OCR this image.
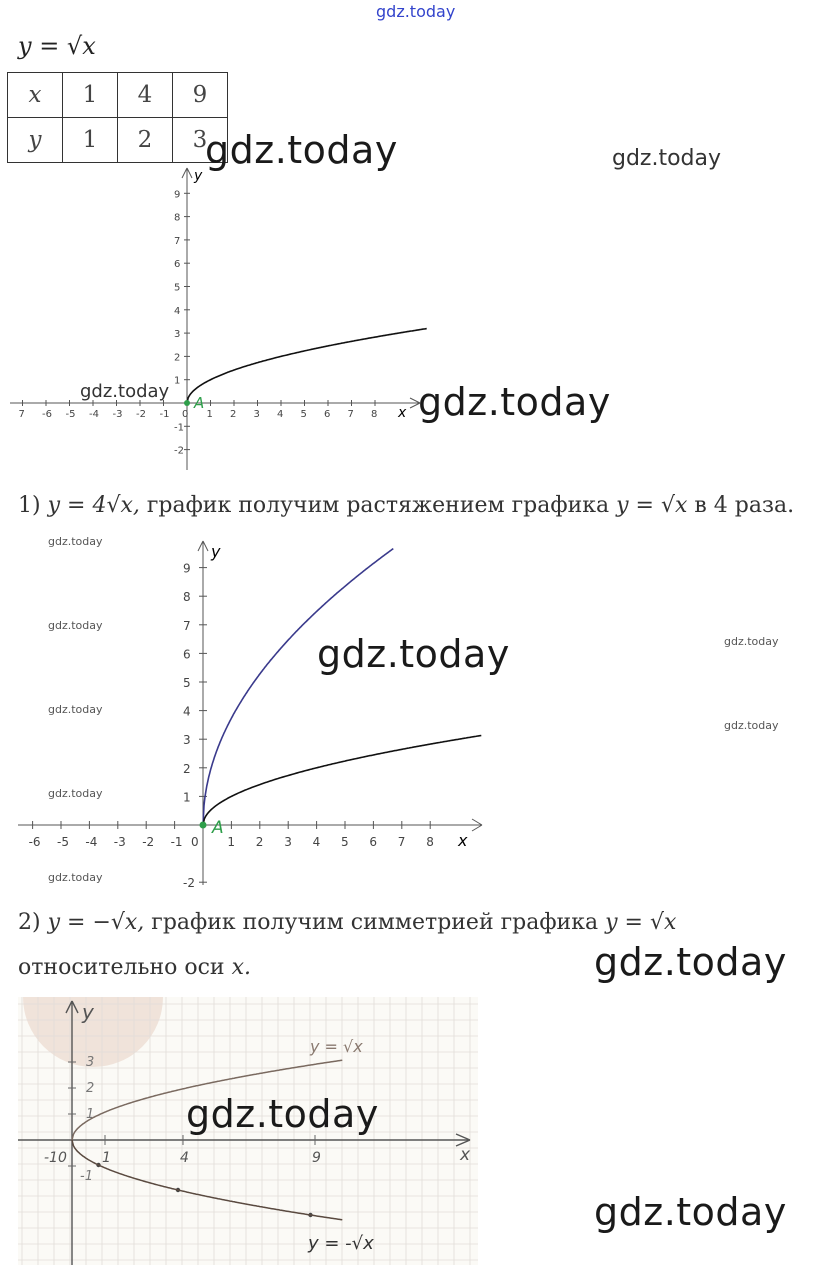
gdz.today
y = √x
x	1	4	9
y	1	2	3
7 -6 -5 -4 -3 -2 -1 0 1 2 3 4 5 6 7 8
9
8
7
6
5
4
3
2
1
-1
-2
x
y
A
gdz.today	gdz.today
gdz.today	gdz.today
1) y = 4√x, график получим растяжением графика y = √x в 4 раза.
gdz.today
gdz.today
gdz.today
gdz.today
gdz.today
gdz.today
gdz.today
-6 -5 -4 -3 -2 -1 0 1 2 3 4 5 6 7 8
9
8
7
6
5
4
3
2
1
-2
x
y
A
gdz.today
2) y = −√x, график получим симметрией графика y = √x
относительно оси x.	gdz.today
3
2
1
-1
-1 0	1	4	9	x
y
y = √x
y = -√x
gdz.today
gdz.today
